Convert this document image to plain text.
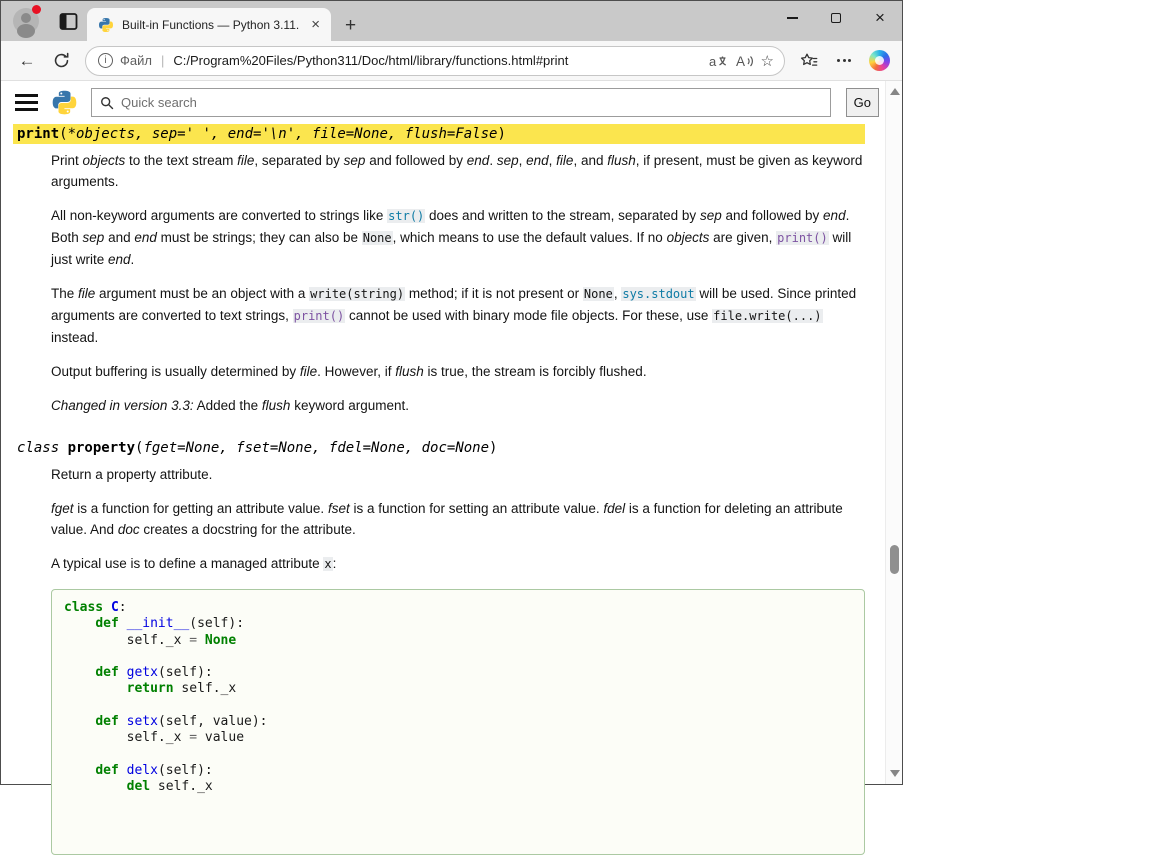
Built-in Functions — Python 3.11. × +	×
←	i	Файл | C:/Program%20Files/Python311/Doc/html/library/functions.html#print	a A ☆
Quick search
Go
print(*objects, sep=' ', end='\n', file=None, flush=False)
Print objects to the text stream file, separated by sep and followed by end. sep, end, file, and flush, if present, must be given as keyword arguments.
All non-keyword arguments are converted to strings like str() does and written to the stream, separated by sep and followed by end. Both sep and end must be strings; they can also be None, which means to use the default values. If no objects are given, print() will just write end.
The file argument must be an object with a write(string) method; if it is not present or None, sys.stdout will be used. Since printed arguments are converted to text strings, print() cannot be used with binary mode file objects. For these, use file.write(...) instead.
Output buffering is usually determined by file. However, if flush is true, the stream is forcibly flushed.
Changed in version 3.3: Added the flush keyword argument.
class property(fget=None, fset=None, fdel=None, doc=None)
Return a property attribute.
fget is a function for getting an attribute value. fset is a function for setting an attribute value. fdel is a function for deleting an attribute value. And doc creates a docstring for the attribute.
A typical use is to define a managed attribute x:
class C:
def __init__(self):
self._x = None

def getx(self):
return self._x

def setx(self, value):
self._x = value

def delx(self):
del self._x
